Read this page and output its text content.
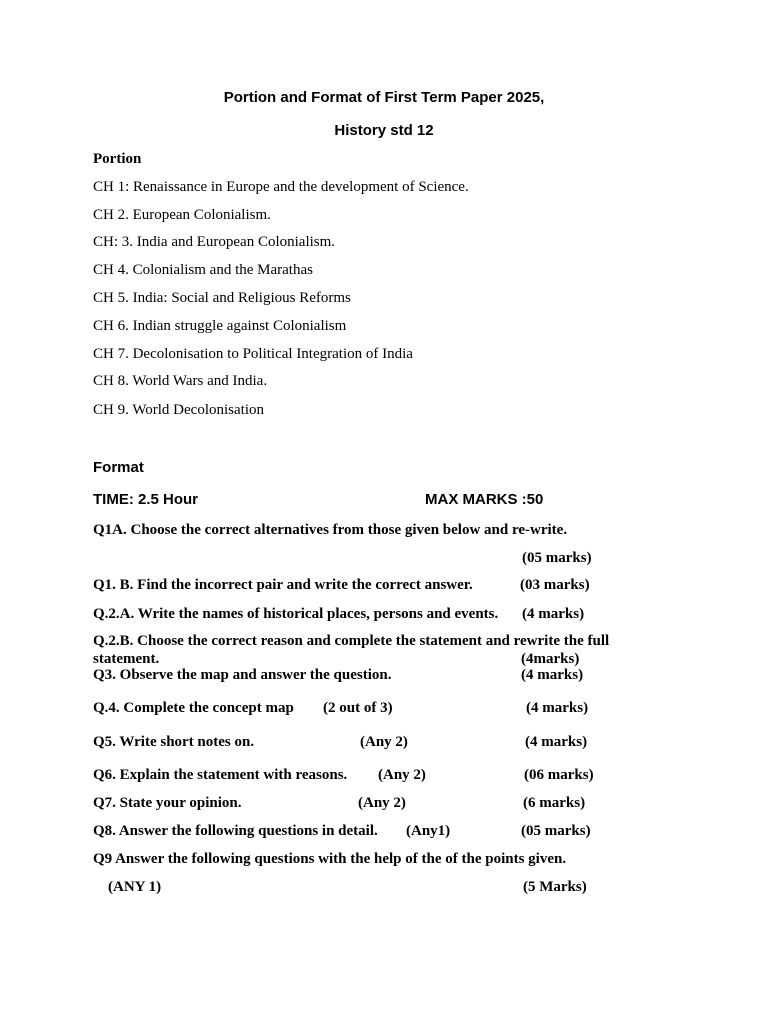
Portion and Format of First Term Paper 2025,
History std 12
Portion
CH 1: Renaissance in Europe and the development of Science.
CH 2. European Colonialism.
CH: 3. India and European Colonialism.
CH 4. Colonialism and the Marathas
CH 5. India: Social and Religious Reforms
CH 6. Indian struggle against Colonialism
CH 7. Decolonisation to Political Integration of India
CH 8. World Wars and India.
CH 9. World Decolonisation
Format
TIME: 2.5 Hour	MAX MARKS :50
Q1A. Choose the correct alternatives from those given below and re-write.
(05 marks)
Q1. B. Find the incorrect pair and write the correct answer.	(03 marks)
Q.2.A. Write the names of historical places, persons and events. (4 marks)
Q.2.B. Choose the correct reason and complete the statement and rewrite the full
statement.	(4marks)
Q3. Observe the map and answer the question.	(4 marks)
Q.4. Complete the concept map (2 out of 3)	(4 marks)
Q5. Write short notes on.	(Any 2)	(4 marks)
Q6. Explain the statement with reasons. (Any 2)	(06 marks)
Q7. State your opinion.	(Any 2)	(6 marks)
Q8. Answer the following questions in detail. (Any1)	(05 marks)
Q9 Answer the following questions with the help of the of the points given.
(ANY 1)	(5 Marks)
